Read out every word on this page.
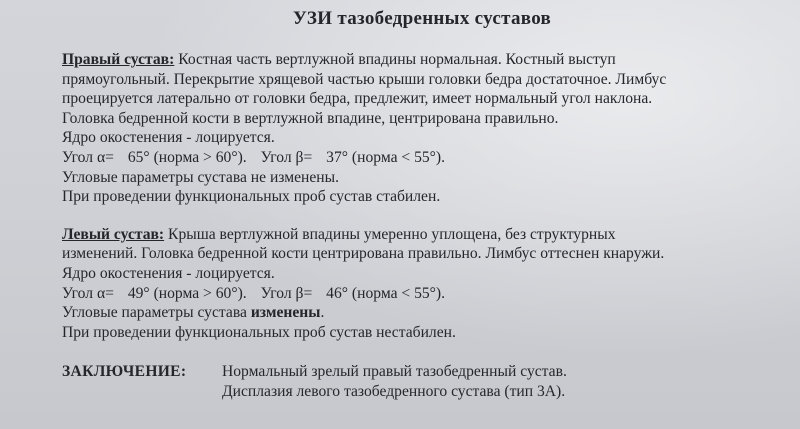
УЗИ тазобедренных суставов

Правый сустав: Костная часть вертлужной впадины нормальная. Костный выступ

прямоугольный. Перекрытие хрящевой частью крыши головки бедра достаточное. Лимбус

проецируется латерально от головки бедра, предлежит, имеет нормальный угол наклона.

Головка бедренной кости в вертлужной впадине, центрирована правильно.

Ядро окостенения - лоцируется.

Угол α= 65° (норма > 60°). Угол β= 37° (норма < 55°).

Угловые параметры сустава не изменены.

При проведении функциональных проб сустав стабилен.

Левый сустав: Крыша вертлужной впадины умеренно уплощена, без структурных

изменений. Головка бедренной кости центрирована правильно. Лимбус оттеснен кнаружи.

Ядро окостенения - лоцируется.

Угол α= 49° (норма > 60°). Угол β= 46° (норма < 55°).

Угловые параметры сустава изменены.

При проведении функциональных проб сустав нестабилен.

ЗАКЛЮЧЕНИЕ:	Нормальный зрелый правый тазобедренный сустав.
Дисплазия левого тазобедренного сустава (тип 3А).
